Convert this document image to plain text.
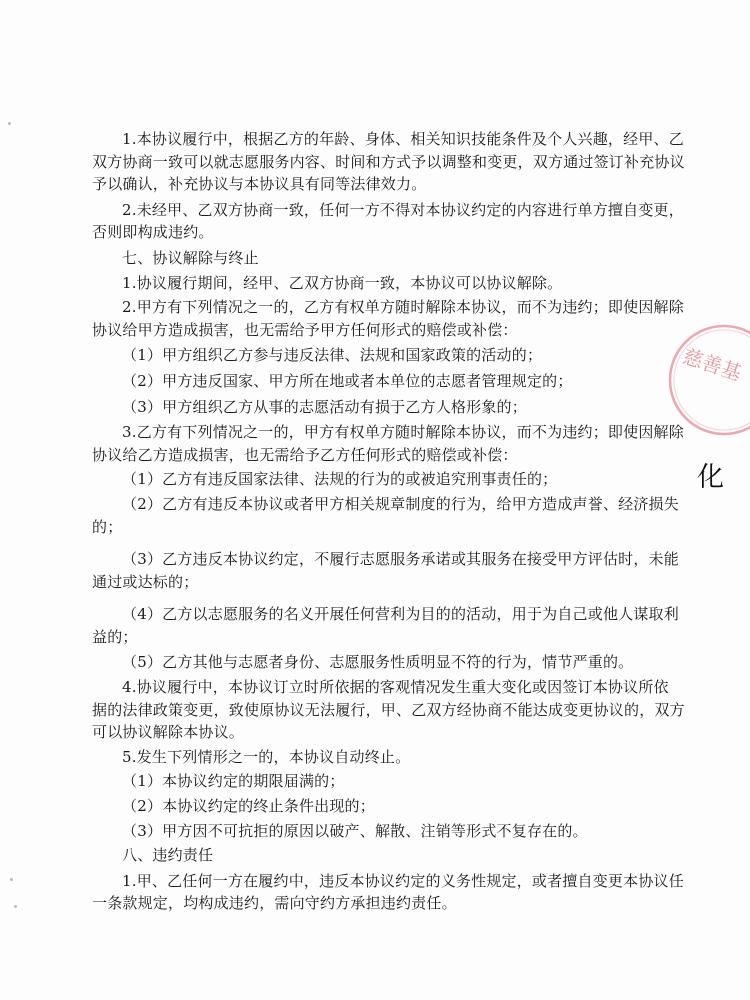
1.本协议履行中，根据乙方的年龄、身体、相关知识技能条件及个人兴趣，经甲、乙
双方协商一致可以就志愿服务内容、时间和方式予以调整和变更，双方通过签订补充协议
予以确认，补充协议与本协议具有同等法律效力。
2.未经甲、乙双方协商一致，任何一方不得对本协议约定的内容进行单方擅自变更，
否则即构成违约。
七、协议解除与终止
1.协议履行期间，经甲、乙双方协商一致，本协议可以协议解除。
2.甲方有下列情况之一的，乙方有权单方随时解除本协议，而不为违约；即使因解除
协议给甲方造成损害，也无需给予甲方任何形式的赔偿或补偿：
（1）甲方组织乙方参与违反法律、法规和国家政策的活动的；
（2）甲方违反国家、甲方所在地或者本单位的志愿者管理规定的；
（3）甲方组织乙方从事的志愿活动有损于乙方人格形象的；
3.乙方有下列情况之一的，甲方有权单方随时解除本协议，而不为违约；即使因解除
协议给乙方造成损害，也无需给予乙方任何形式的赔偿或补偿：
（1）乙方有违反国家法律、法规的行为的或被追究刑事责任的；
（2）乙方有违反本协议或者甲方相关规章制度的行为，给甲方造成声誉、经济损失
的；
（3）乙方违反本协议约定，不履行志愿服务承诺或其服务在接受甲方评估时，未能
通过或达标的；
（4）乙方以志愿服务的名义开展任何营利为目的的活动，用于为自己或他人谋取利
益的；
（5）乙方其他与志愿者身份、志愿服务性质明显不符的行为，情节严重的。
4.协议履行中，本协议订立时所依据的客观情况发生重大变化或因签订本协议所依
据的法律政策变更，致使原协议无法履行，甲、乙双方经协商不能达成变更协议的，双方
可以协议解除本协议。
5.发生下列情形之一的，本协议自动终止。
（1）本协议约定的期限届满的；
（2）本协议约定的终止条件出现的；
（3）甲方因不可抗拒的原因以破产、解散、注销等形式不复存在的。
八、违约责任
1.甲、乙任何一方在履约中，违反本协议约定的义务性规定，或者擅自变更本协议任
一条款规定，均构成违约，需向守约方承担违约责任。
慈善基
化
